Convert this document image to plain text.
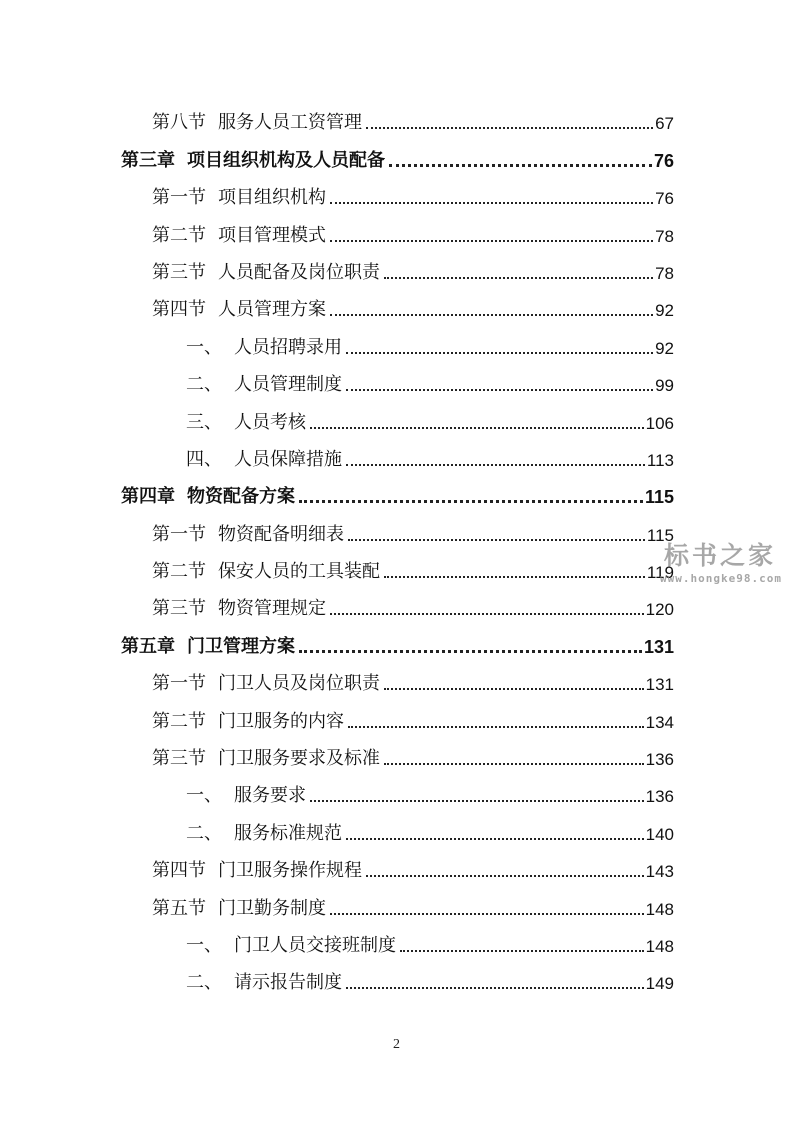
第八节 服务人员工资管理	67
第三章 项目组织机构及人员配备	76
第一节 项目组织机构	76
第二节 项目管理模式	78
第三节 人员配备及岗位职责	78
第四节 人员管理方案	92
一、 人员招聘录用	92
二、 人员管理制度	99
三、 人员考核	106
四、 人员保障措施	113
第四章 物资配备方案	115
第一节 物资配备明细表	115
第二节 保安人员的工具装配	119
第三节 物资管理规定	120
第五章 门卫管理方案	131
第一节 门卫人员及岗位职责	131
第二节 门卫服务的内容	134
第三节 门卫服务要求及标准	136
一、 服务要求	136
二、 服务标准规范	140
第四节 门卫服务操作规程	143
第五节 门卫勤务制度	148
一、 门卫人员交接班制度	148
二、 请示报告制度	149
标书之家
www.hongke98.com
2
